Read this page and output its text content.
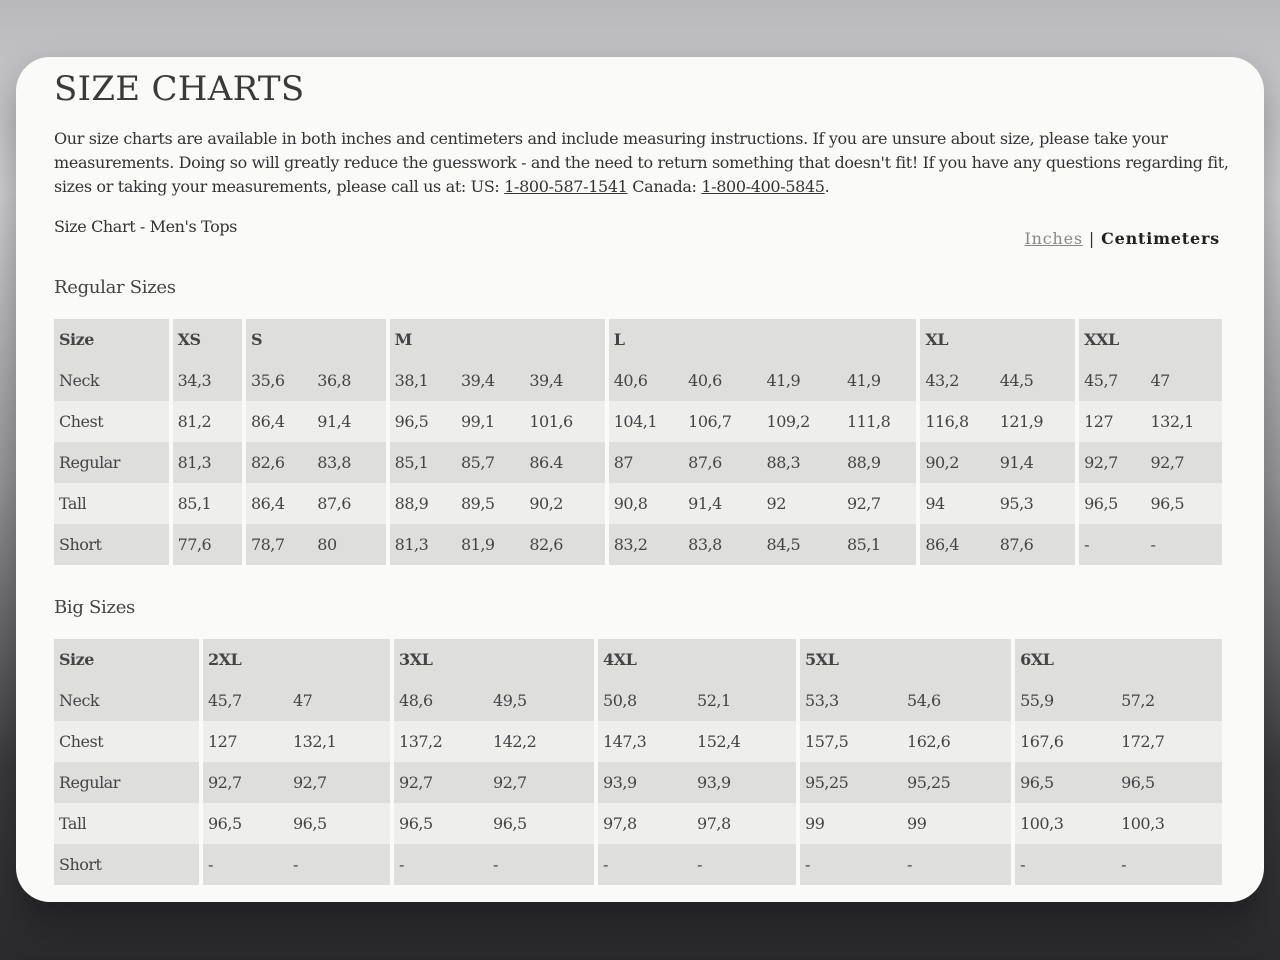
SIZE CHARTS

Our size charts are available in both inches and centimeters and include measuring instructions. If you are unsure about size, please take your measurements. Doing so will greatly reduce the guesswork - and the need to return something that doesn't fit! If you have any questions regarding fit, sizes or taking your measurements, please call us at: US: 1-800-587-1541 Canada: 1-800-400-5845.

Size Chart - Men's Tops
Inches | Centimeters
Regular Sizes
Size	XS	S		M			L				XL		XXL	
Neck	34,3	35,6	36,8	38,1	39,4	39,4	40,6	40,6	41,9	41,9	43,2	44,5	45,7	47
Chest	81,2	86,4	91,4	96,5	99,1	101,6	104,1	106,7	109,2	111,8	116,8	121,9	127	132,1
Regular	81,3	82,6	83,8	85,1	85,7	86.4	87	87,6	88,3	88,9	90,2	91,4	92,7	92,7
Tall	85,1	86,4	87,6	88,9	89,5	90,2	90,8	91,4	92	92,7	94	95,3	96,5	96,5
Short	77,6	78,7	80	81,3	81,9	82,6	83,2	83,8	84,5	85,1	86,4	87,6	-	-
Big Sizes
Size	2XL		3XL		4XL		5XL		6XL	
Neck	45,7	47	48,6	49,5	50,8	52,1	53,3	54,6	55,9	57,2
Chest	127	132,1	137,2	142,2	147,3	152,4	157,5	162,6	167,6	172,7
Regular	92,7	92,7	92,7	92,7	93,9	93,9	95,25	95,25	96,5	96,5
Tall	96,5	96,5	96,5	96,5	97,8	97,8	99	99	100,3	100,3
Short	-	-	-	-	-	-	-	-	-	-
